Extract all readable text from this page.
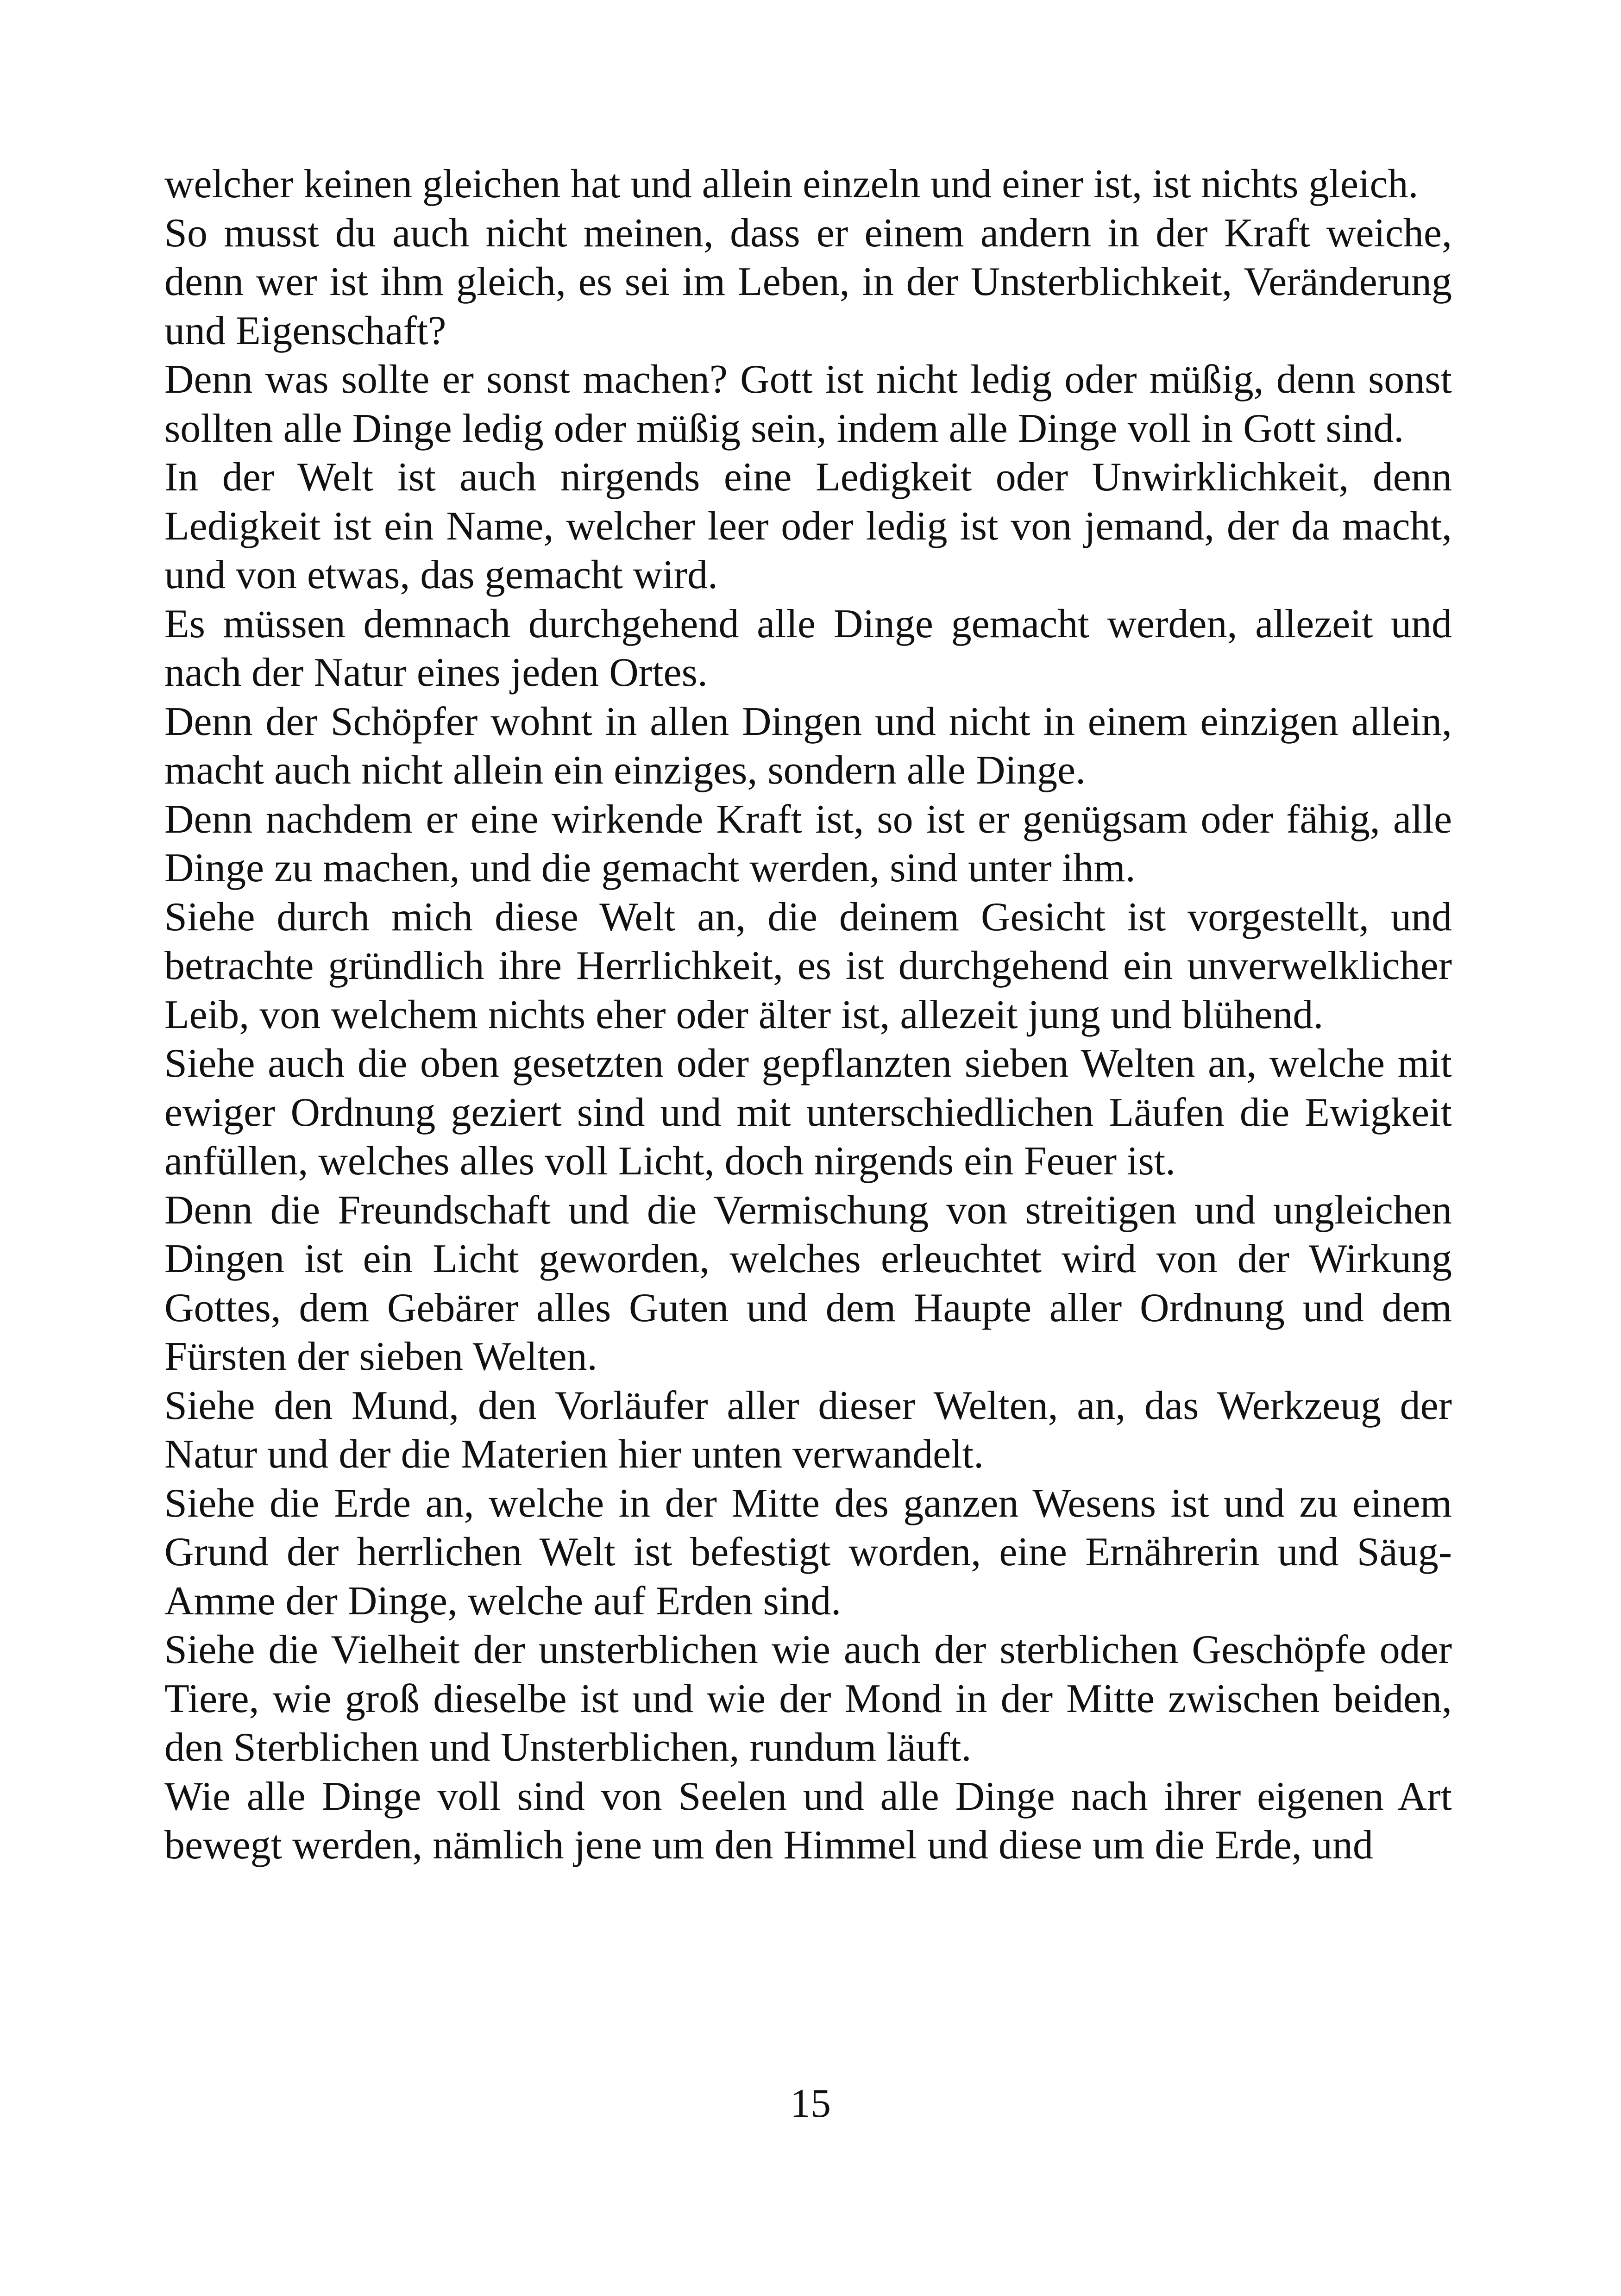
welcher keinen gleichen hat und allein einzeln und einer ist, ist nichts gleich.

So musst du auch nicht meinen, dass er einem andern in der Kraft weiche, denn wer ist ihm gleich, es sei im Leben, in der Unsterblichkeit, Veränderung und Eigenschaft?

Denn was sollte er sonst machen? Gott ist nicht ledig oder müßig, denn sonst sollten alle Dinge ledig oder müßig sein, indem alle Dinge voll in Gott sind.

In der Welt ist auch nirgends eine Ledigkeit oder Unwirklichkeit, denn Ledigkeit ist ein Name, welcher leer oder ledig ist von jemand, der da macht, und von etwas, das gemacht wird.

Es müssen demnach durchgehend alle Dinge gemacht werden, allezeit und nach der Natur eines jeden Ortes.

Denn der Schöpfer wohnt in allen Dingen und nicht in einem einzigen allein, macht auch nicht allein ein einziges, sondern alle Dinge.

Denn nachdem er eine wirkende Kraft ist, so ist er genügsam oder fähig, alle Dinge zu machen, und die gemacht werden, sind unter ihm.

Siehe durch mich diese Welt an, die deinem Gesicht ist vorgestellt, und betrachte gründlich ihre Herrlichkeit, es ist durchgehend ein unverwelklicher Leib, von welchem nichts eher oder älter ist, allezeit jung und blühend.

Siehe auch die oben gesetzten oder gepflanzten sieben Welten an, welche mit ewiger Ordnung geziert sind und mit unterschiedlichen Läufen die Ewigkeit anfüllen, welches alles voll Licht, doch nirgends ein Feuer ist.

Denn die Freundschaft und die Vermischung von streitigen und ungleichen Dingen ist ein Licht geworden, welches erleuchtet wird von der Wirkung Gottes, dem Gebärer alles Guten und dem Haupte aller Ordnung und dem Fürsten der sieben Welten.

Siehe den Mund, den Vorläufer aller dieser Welten, an, das Werkzeug der Natur und der die Materien hier unten verwandelt.

Siehe die Erde an, welche in der Mitte des ganzen Wesens ist und zu einem Grund der herrlichen Welt ist befestigt worden, eine Ernährerin und Säug-Amme der Dinge, welche auf Erden sind.

Siehe die Vielheit der unsterblichen wie auch der sterblichen Geschöpfe oder Tiere, wie groß dieselbe ist und wie der Mond in der Mitte zwischen beiden, den Sterblichen und Unsterblichen, rundum läuft.

Wie alle Dinge voll sind von Seelen und alle Dinge nach ihrer eigenen Art bewegt werden, nämlich jene um den Himmel und diese um die Erde, und

15
